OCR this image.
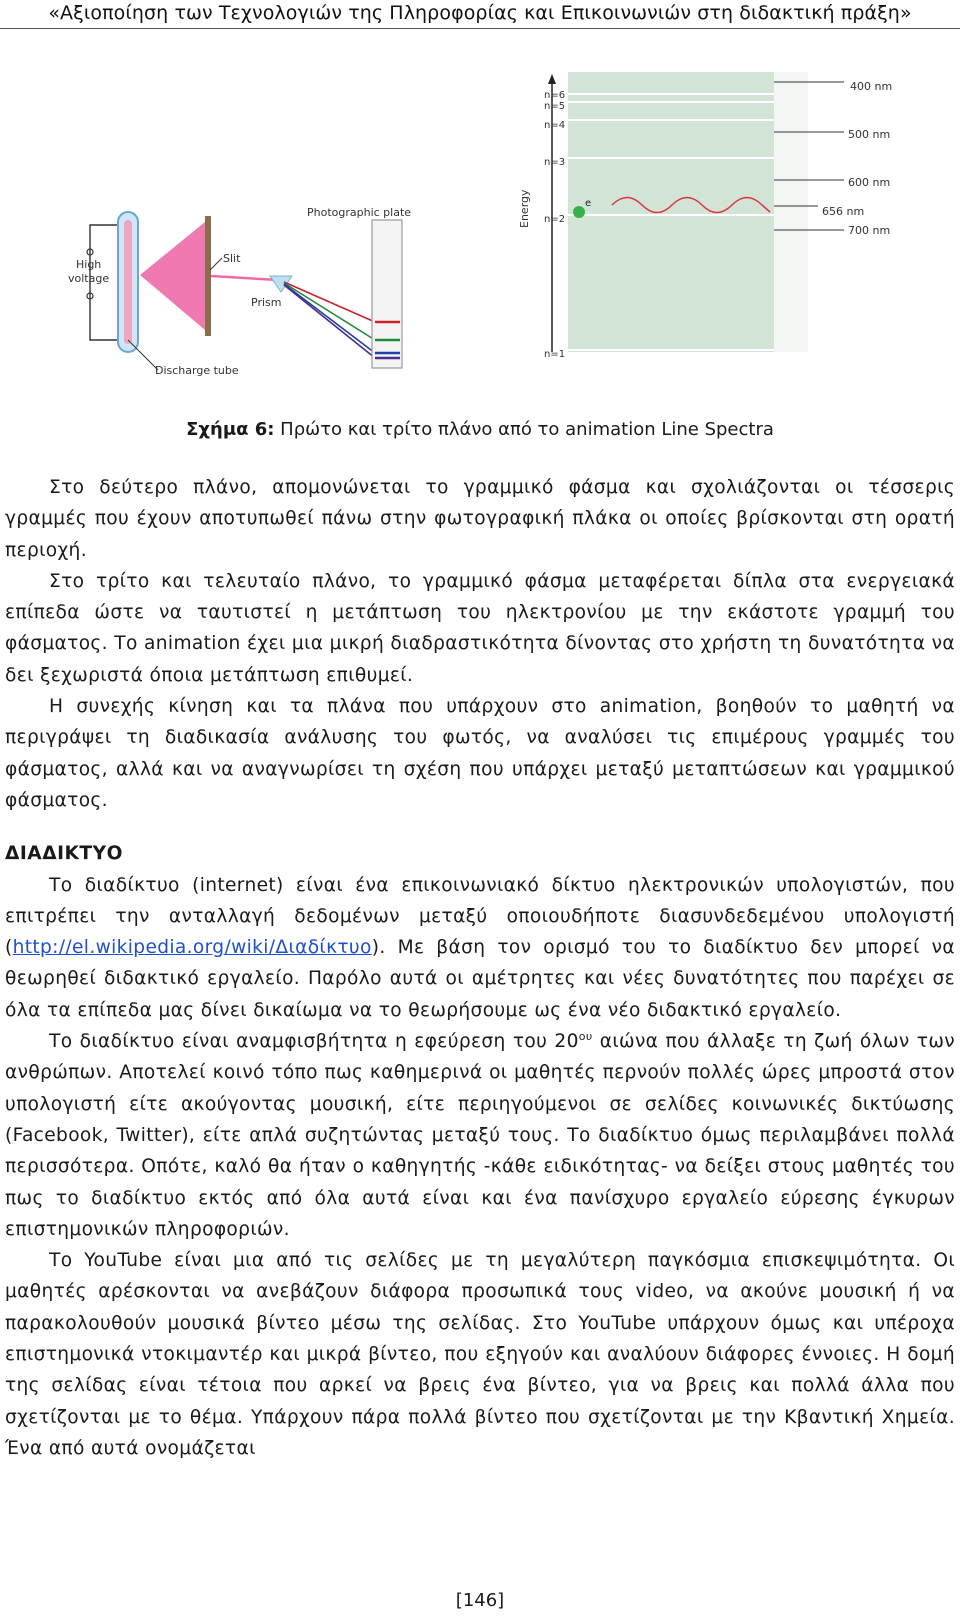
«Αξιοποίηση των Τεχνολογιών της Πληροφορίας και Επικοινωνιών στη διδακτική πράξη»
High
voltage
Discharge tube
Slit
Prism
Photographic plate	Energy
n=6
n=5
n=4
n=3
n=2
n=1
e
400 nm
500 nm
600 nm
656 nm
700 nm
Σχήμα 6: Πρώτο και τρίτο πλάνο από το animation Line Spectra

Στο δεύτερο πλάνο, απομονώνεται το γραμμικό φάσμα και σχολιάζονται οι τέσσερις γραμμές που έχουν αποτυπωθεί πάνω στην φωτογραφική πλάκα οι οποίες βρίσκονται στη ορατή περιοχή.

Στο τρίτο και τελευταίο πλάνο, το γραμμικό φάσμα μεταφέρεται δίπλα στα ενεργειακά επίπεδα ώστε να ταυτιστεί η μετάπτωση του ηλεκτρονίου με την εκάστοτε γραμμή του φάσματος. Το animation έχει μια μικρή διαδραστικότητα δίνοντας στο χρήστη τη δυνατότητα να δει ξεχωριστά όποια μετάπτωση επιθυμεί.

Η συνεχής κίνηση και τα πλάνα που υπάρχουν στο animation, βοηθούν το μαθητή να περιγράψει τη διαδικασία ανάλυσης του φωτός, να αναλύσει τις επιμέρους γραμμές του φάσματος, αλλά και να αναγνωρίσει τη σχέση που υπάρχει μεταξύ μεταπτώσεων και γραμμικού φάσματος.

ΔΙΑΔΙΚΤΥΟ

Το διαδίκτυο (internet) είναι ένα επικοινωνιακό δίκτυο ηλεκτρονικών υπολογιστών, που επιτρέπει την ανταλλαγή δεδομένων μεταξύ οποιουδήποτε διασυνδεδεμένου υπολογιστή (http://el.wikipedia.org/wiki/Διαδίκτυο). Με βάση τον ορισμό του το διαδίκτυο δεν μπορεί να θεωρηθεί διδακτικό εργαλείο. Παρόλο αυτά οι αμέτρητες και νέες δυνατότητες που παρέχει σε όλα τα επίπεδα μας δίνει δικαίωμα να το θεωρήσουμε ως ένα νέο διδακτικό εργαλείο.

Το διαδίκτυο είναι αναμφισβήτητα η εφεύρεση του $20^{o\upsilon}$ αιώνα που άλλαξε τη ζωή όλων των ανθρώπων. Αποτελεί κοινό τόπο πως καθημερινά οι μαθητές περνούν πολλές ώρες μπροστά στον υπολογιστή είτε ακούγοντας μουσική, είτε περιηγούμενοι σε σελίδες κοινωνικές δικτύωσης (Facebook, Twitter), είτε απλά συζητώντας μεταξύ τους. Το διαδίκτυο όμως περιλαμβάνει πολλά περισσότερα. Οπότε, καλό θα ήταν ο καθηγητής -κάθε ειδικότητας- να δείξει στους μαθητές του πως το διαδίκτυο εκτός από όλα αυτά είναι και ένα πανίσχυρο εργαλείο εύρεσης έγκυρων επιστημονικών πληροφοριών.

Το YouTube είναι μια από τις σελίδες με τη μεγαλύτερη παγκόσμια επισκεψιμότητα. Οι μαθητές αρέσκονται να ανεβάζουν διάφορα προσωπικά τους video, να ακούνε μουσική ή να παρακολουθούν μουσικά βίντεο μέσω της σελίδας. Στο YouTube υπάρχουν όμως και υπέροχα επιστημονικά ντοκιμαντέρ και μικρά βίντεο, που εξηγούν και αναλύουν διάφορες έννοιες. Η δομή της σελίδας είναι τέτοια που αρκεί να βρεις ένα βίντεο, για να βρεις και πολλά άλλα που σχετίζονται με το θέμα. Υπάρχουν πάρα πολλά βίντεο που σχετίζονται με την Κβαντική Χημεία. Ένα από αυτά ονομάζεται

[146]
